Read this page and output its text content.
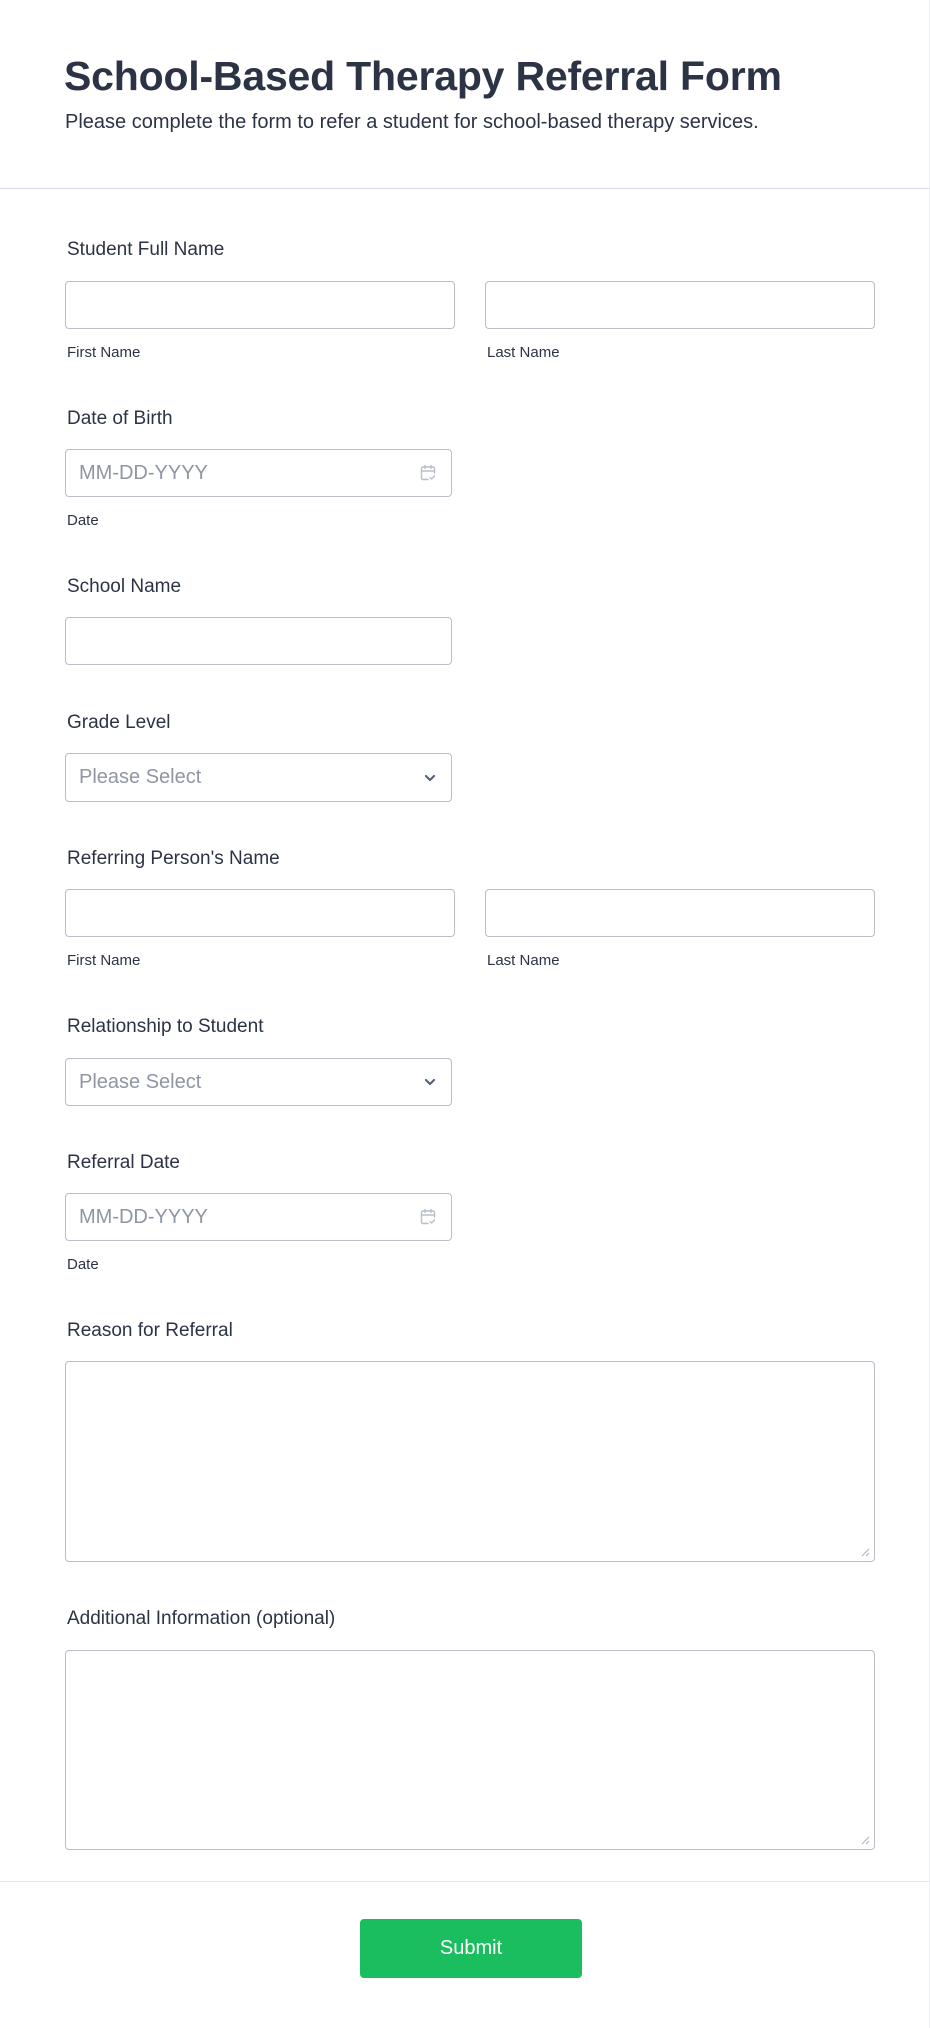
School-Based Therapy Referral Form
Please complete the form to refer a student for school-based therapy services.
Student Full Name
First Name	Last Name
Date of Birth
MM-DD-YYYY
Date
School Name
Grade Level
Please Select
Referring Person's Name
First Name	Last Name
Relationship to Student
Please Select
Referral Date
MM-DD-YYYY
Date
Reason for Referral
Additional Information (optional)
Submit
